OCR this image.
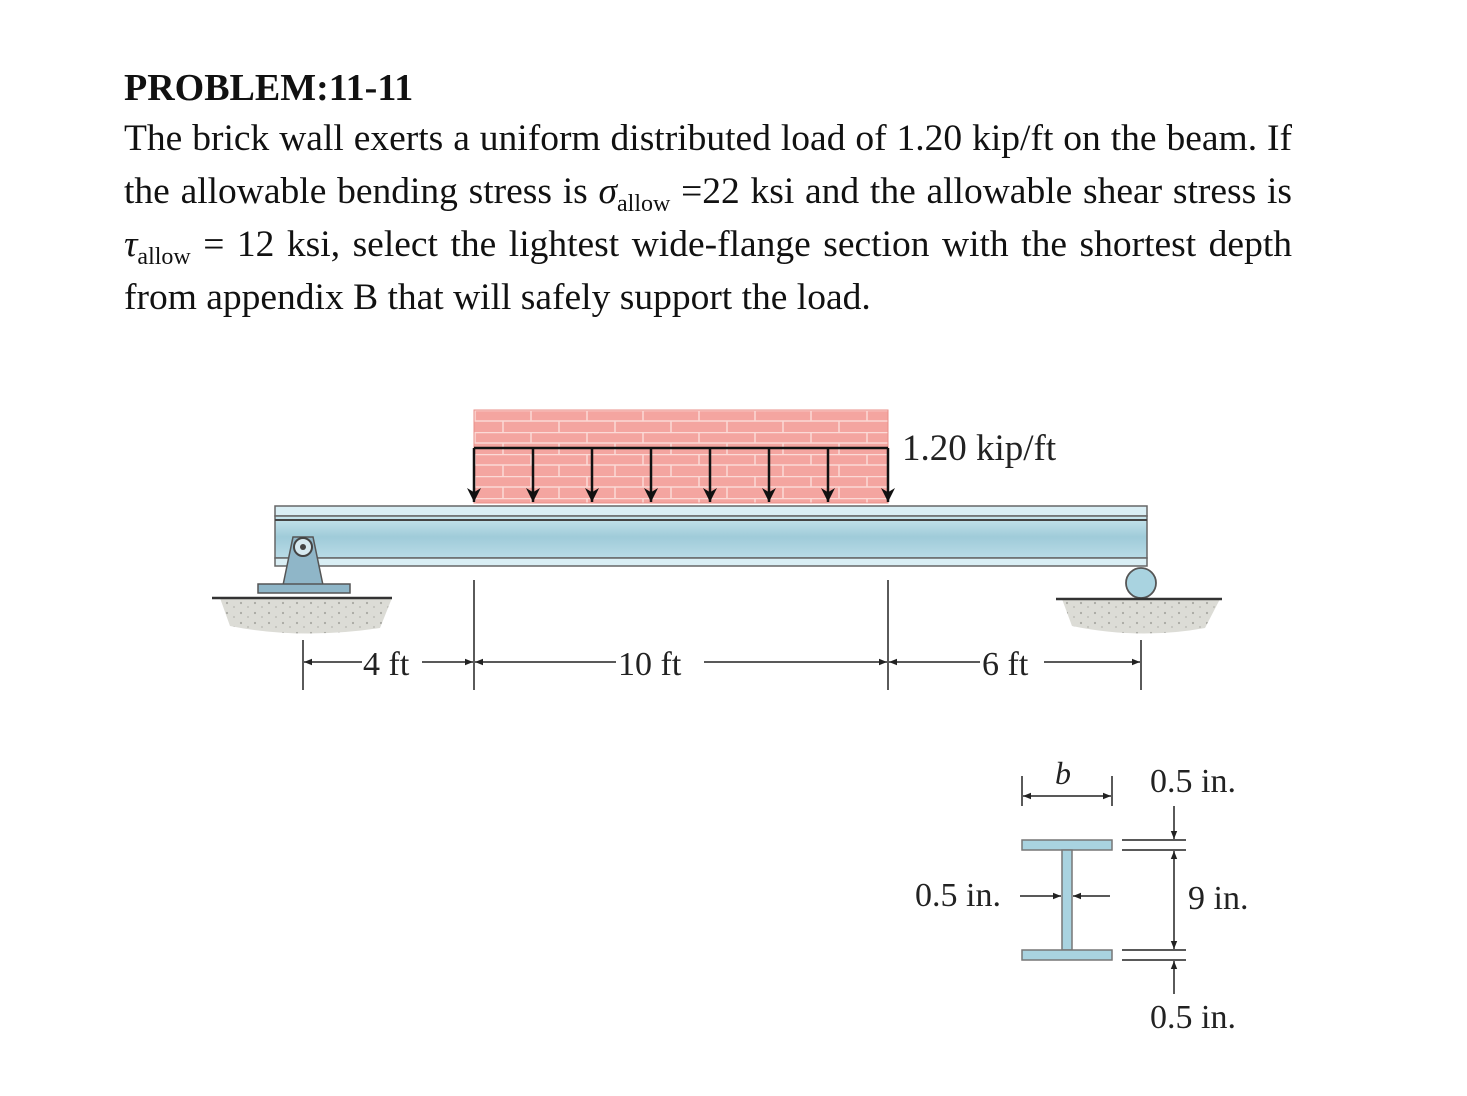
PROBLEM:11-11

The brick wall exerts a uniform distributed load of 1.20 kip/ft on the beam. If the allowable bending stress is $\sigma_{allow} =22$ ksi and the allowable shear stress is $\tau_{allow} = 12$ ksi, select the lightest wide-flange section with the shortest depth from appendix B that will safely support the load.

1.20 kip/ft
4 ft	10 ft	6 ft
b 0.5 in.
9 in.
0.5 in.
0.5 in.
